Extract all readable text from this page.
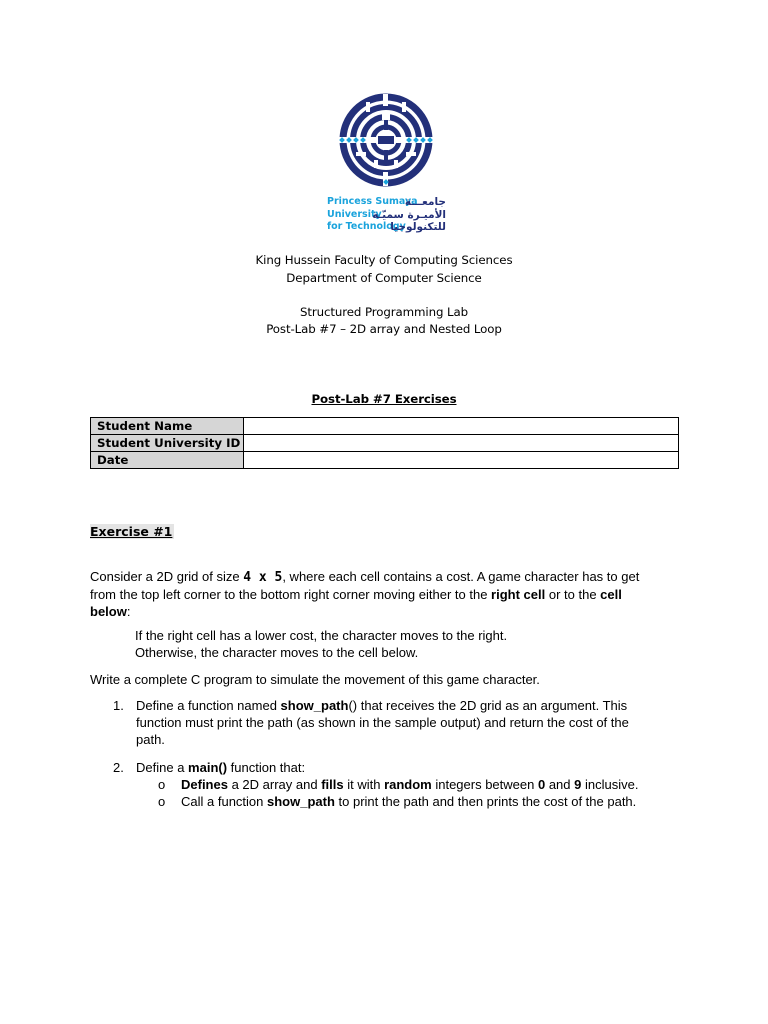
Princess Sumaya
University
for Technology
جامعـــة
الأميـرة سميّـة
للتكنولوجيا
King Hussein Faculty of Computing Sciences
Department of Computer Science
Structured Programming Lab
Post-Lab #7 – 2D array and Nested Loop
Post-Lab #7 Exercises
Student Name	
Student University ID	
Date	
Exercise #1
Consider a 2D grid of size 4 x 5, where each cell contains a cost. A game character has to get
from the top left corner to the bottom right corner moving either to the right cell or to the cell
below:
If the right cell has a lower cost, the character moves to the right.
Otherwise, the character moves to the cell below.
Write a complete C program to simulate the movement of this game character.
1. Define a function named show_path() that receives the 2D grid as an argument. This
function must print the path (as shown in the sample output) and return the cost of the
path.
2. Define a main() function that:
o Defines a 2D array and fills it with random integers between 0 and 9 inclusive.
o Call a function show_path to print the path and then prints the cost of the path.
